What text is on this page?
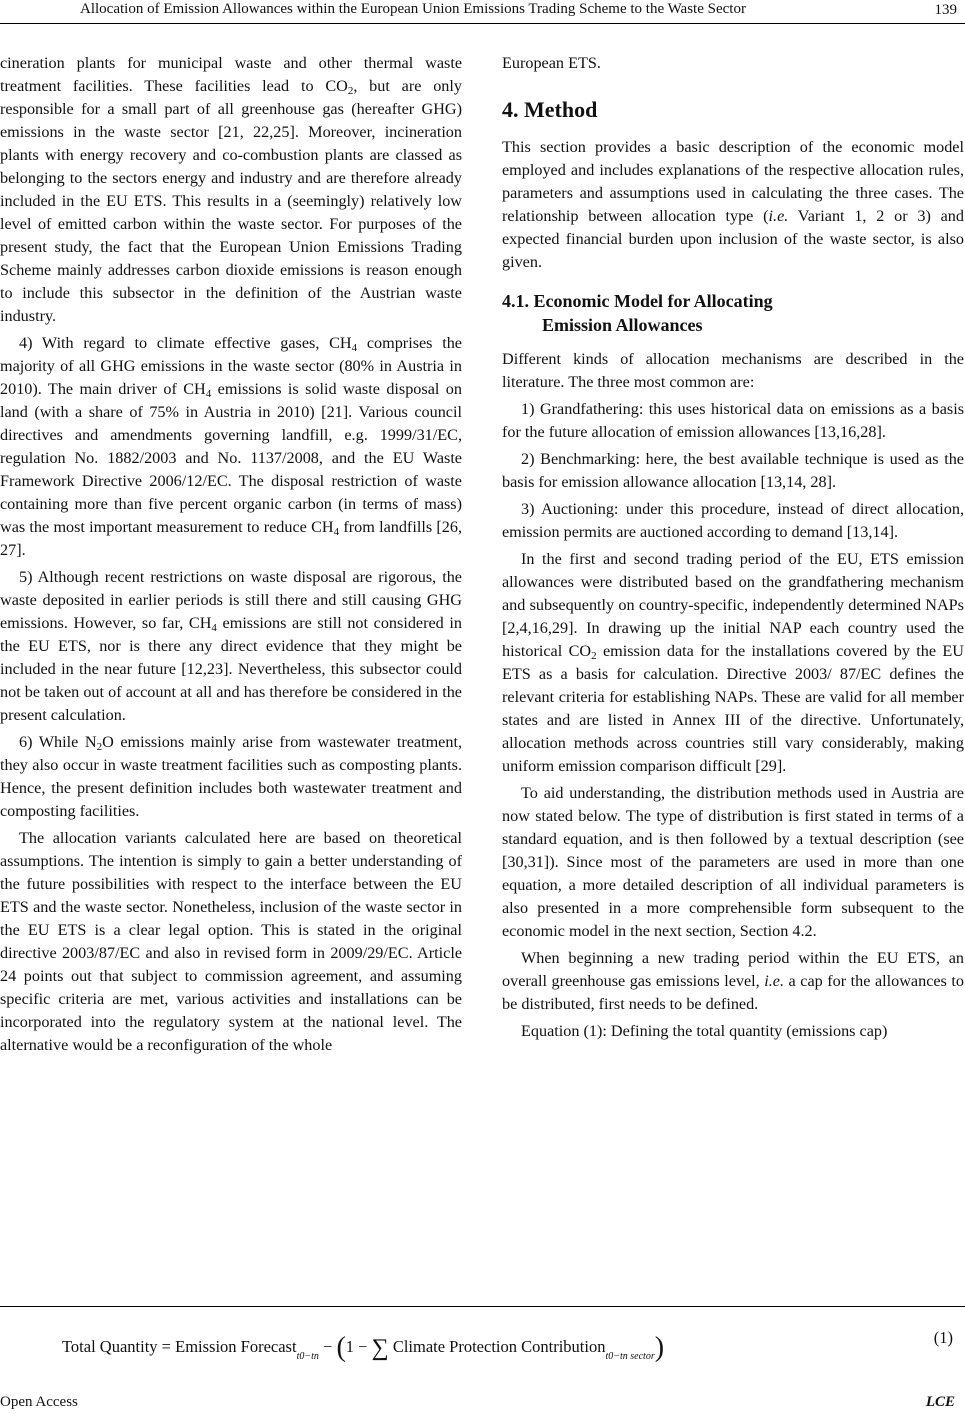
Allocation of Emission Allowances within the European Union Emissions Trading Scheme to the Waste Sector	139

cineration plants for municipal waste and other thermal waste treatment facilities. These facilities lead to $CO_2$, but are only responsible for a small part of all greenhouse gas (hereafter GHG) emissions in the waste sector [21, 22,25]. Moreover, incineration plants with energy recovery and co-combustion plants are classed as belonging to the sectors energy and industry and are therefore already included in the EU ETS. This results in a (seemingly) relatively low level of emitted carbon within the waste sector. For purposes of the present study, the fact that the European Union Emissions Trading Scheme mainly addresses carbon dioxide emissions is reason enough to include this subsector in the definition of the Austrian waste industry.

4) With regard to climate effective gases, $CH_4$ comprises the majority of all GHG emissions in the waste sector (80% in Austria in 2010). The main driver of $CH_4$ emissions is solid waste disposal on land (with a share of 75% in Austria in 2010) [21]. Various council directives and amendments governing landfill, e.g. 1999/31/EC, regulation No. 1882/2003 and No. 1137/2008, and the EU Waste Framework Directive 2006/12/EC. The disposal restriction of waste containing more than five percent organic carbon (in terms of mass) was the most important measurement to reduce $CH_4$ from landfills [26, 27].

5) Although recent restrictions on waste disposal are rigorous, the waste deposited in earlier periods is still there and still causing GHG emissions. However, so far, $CH_4$ emissions are still not considered in the EU ETS, nor is there any direct evidence that they might be included in the near future [12,23]. Nevertheless, this subsector could not be taken out of account at all and has therefore be considered in the present calculation.

6) While $N_2O$ emissions mainly arise from wastewater treatment, they also occur in waste treatment facilities such as composting plants. Hence, the present definition includes both wastewater treatment and composting facilities.

The allocation variants calculated here are based on theoretical assumptions. The intention is simply to gain a better understanding of the future possibilities with respect to the interface between the EU ETS and the waste sector. Nonetheless, inclusion of the waste sector in the EU ETS is a clear legal option. This is stated in the original directive 2003/87/EC and also in revised form in 2009/29/EC. Article 24 points out that subject to commission agreement, and assuming specific criteria are met, various activities and installations can be incorporated into the regulatory system at the national level. The alternative would be a reconfiguration of the whole

European ETS.

4. Method

This section provides a basic description of the economic model employed and includes explanations of the respective allocation rules, parameters and assumptions used in calculating the three cases. The relationship between allocation type (i.e. Variant 1, 2 or 3) and expected financial burden upon inclusion of the waste sector, is also given.

4.1. Economic Model for Allocating
Emission Allowances

Different kinds of allocation mechanisms are described in the literature. The three most common are:

1) Grandfathering: this uses historical data on emissions as a basis for the future allocation of emission allowances [13,16,28].

2) Benchmarking: here, the best available technique is used as the basis for emission allowance allocation [13,14, 28].

3) Auctioning: under this procedure, instead of direct allocation, emission permits are auctioned according to demand [13,14].

In the first and second trading period of the EU, ETS emission allowances were distributed based on the grandfathering mechanism and subsequently on country-specific, independently determined NAPs [2,4,16,29]. In drawing up the initial NAP each country used the historical $CO_2$ emission data for the installations covered by the EU ETS as a basis for calculation. Directive 2003/ 87/EC defines the relevant criteria for establishing NAPs. These are valid for all member states and are listed in Annex III of the directive. Unfortunately, allocation methods across countries still vary considerably, making uniform emission comparison difficult [29].

To aid understanding, the distribution methods used in Austria are now stated below. The type of distribution is first stated in terms of a standard equation, and is then followed by a textual description (see [30,31]). Since most of the parameters are used in more than one equation, a more detailed description of all individual parameters is also presented in a more comprehensible form subsequent to the economic model in the next section, Section 4.2.

When beginning a new trading period within the EU ETS, an overall greenhouse gas emissions level, i.e. a cap for the allowances to be distributed, first needs to be defined.

Equation (1): Defining the total quantity (emissions cap)

Total Quantity = Emission Forecast$_{t0-tn}$ − (1 − ∑ Climate Protection Contribution$_{t0-tn sector}$)	(1)
Open Access	LCE
